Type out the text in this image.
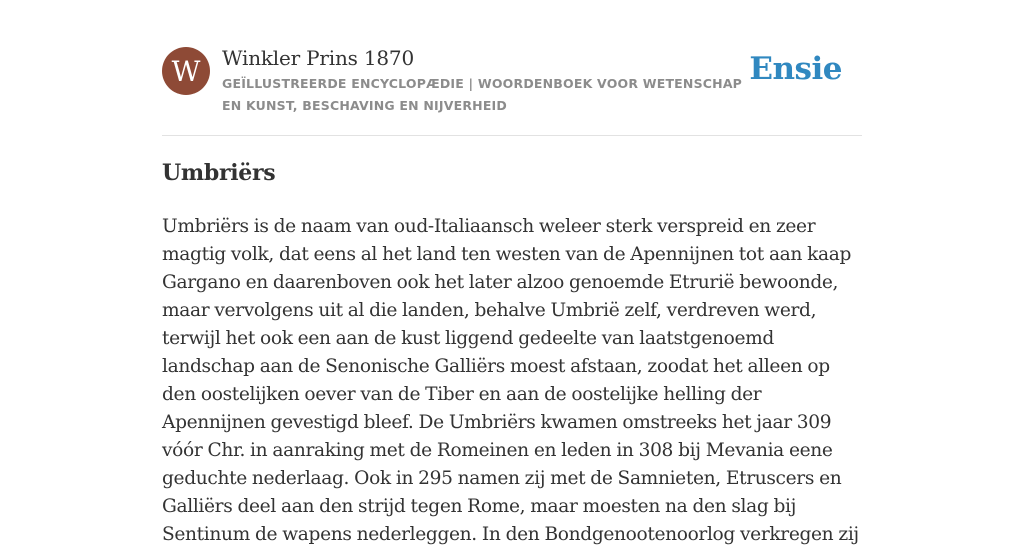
W Winkler Prins 1870
GEÏLLUSTREERDE ENCYCLOPÆDIE | WOORDENBOEK VOOR WETENSCHAP EN KUNST, BESCHAVING EN NIJVERHEID
Ensie
Umbriërs

Umbriërs is de naam van oud-Italiaansch weleer sterk verspreid en zeer magtig volk, dat eens al het land ten westen van de Apennijnen tot aan kaap Gargano en daarenboven ook het later alzoo genoemde Etrurië bewoonde, maar vervolgens uit al die landen, behalve Umbrië zelf, verdreven werd, terwijl het ook een aan de kust liggend gedeelte van laatstgenoemd landschap aan de Senonische Galliërs moest afstaan, zoodat het alleen op den oostelijken oever van de Tiber en aan de oostelijke helling der Apennijnen gevestigd bleef. De Umbriërs kwamen omstreeks het jaar 309 vóór Chr. in aanraking met de Romeinen en leden in 308 bij Mevania eene geduchte nederlaag. Ook in 295 namen zij met de Samnieten, Etruscers en Galliërs deel aan den strijd tegen Rome, maar moesten na den slag bij Sentinum de wapens nederleggen. In den Bondgenootenoorlog verkregen zij
